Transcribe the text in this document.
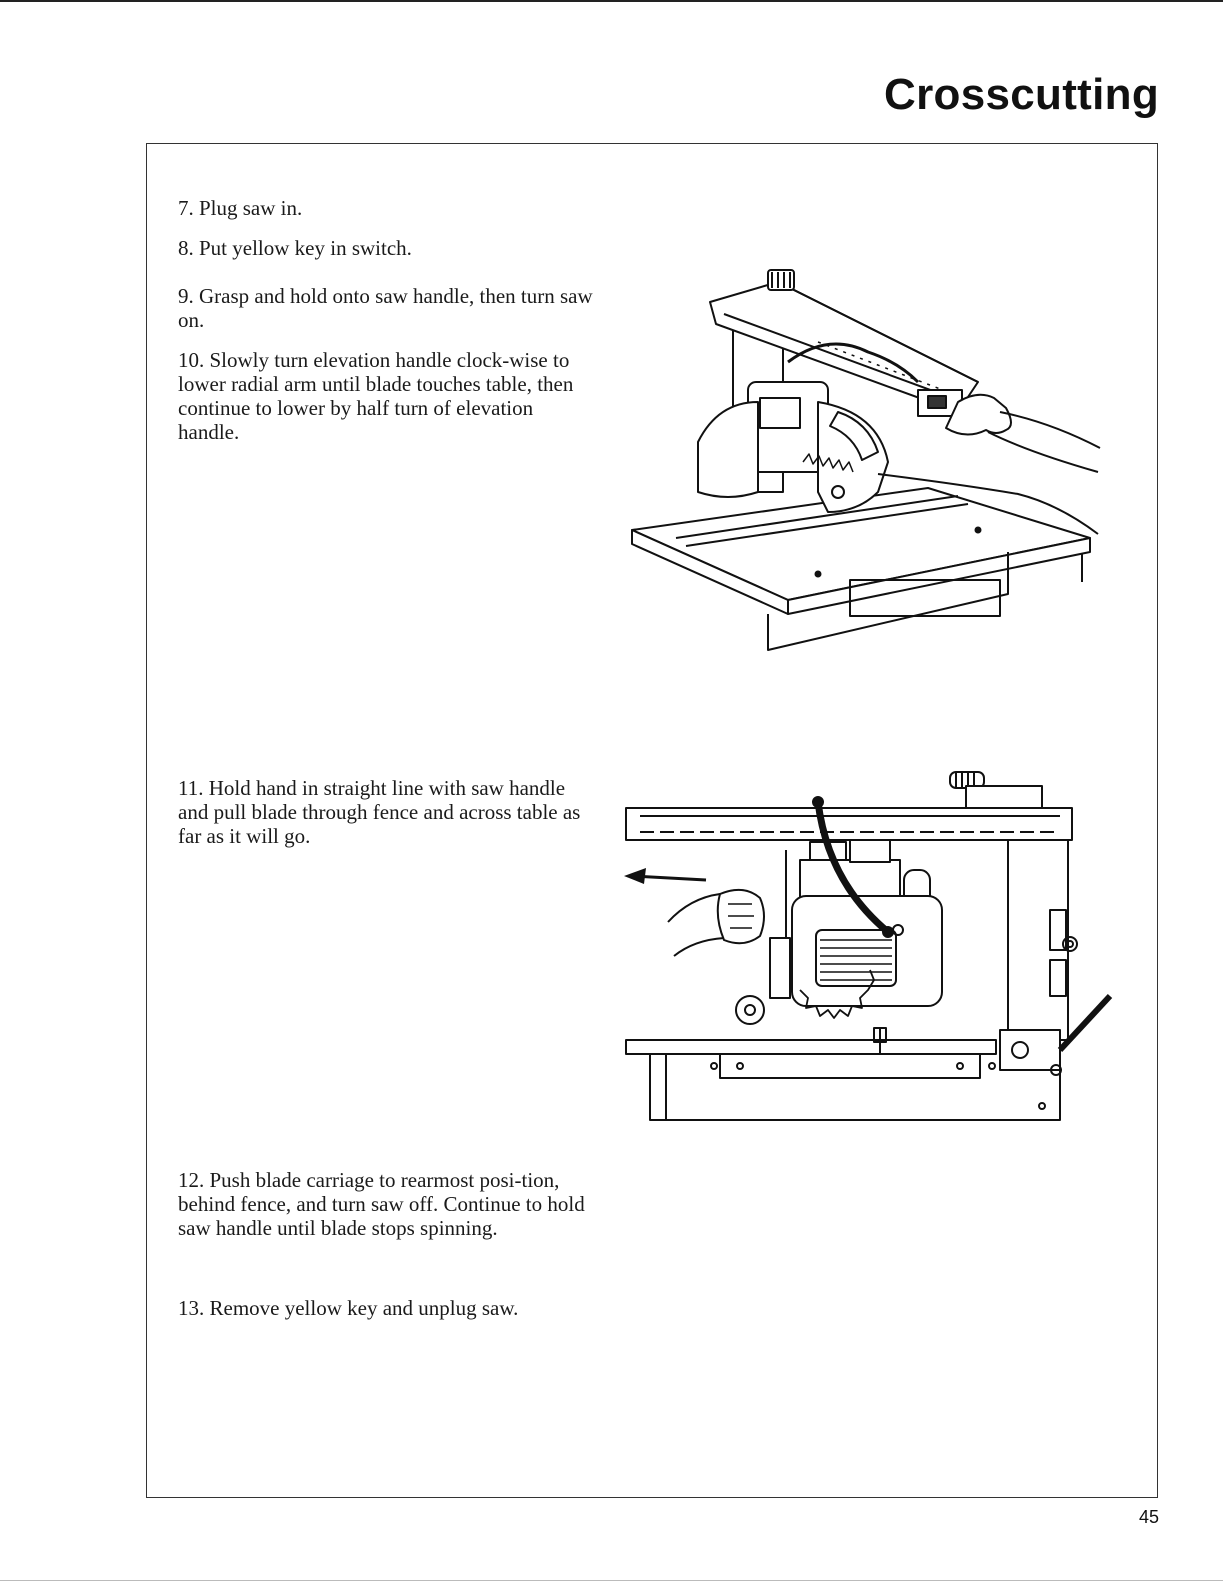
Crosscutting
7. Plug saw in.
8. Put yellow key in switch.
9. Grasp and hold onto saw handle, then turn saw on.
10. Slowly turn elevation handle clock-wise to lower radial arm until blade touches table, then continue to lower by half turn of elevation handle.
11. Hold hand in straight line with saw handle and pull blade through fence and across table as far as it will go.
12. Push blade carriage to rearmost posi-tion, behind fence, and turn saw off. Continue to hold saw handle until blade stops spinning.
13. Remove yellow key and unplug saw.
45
